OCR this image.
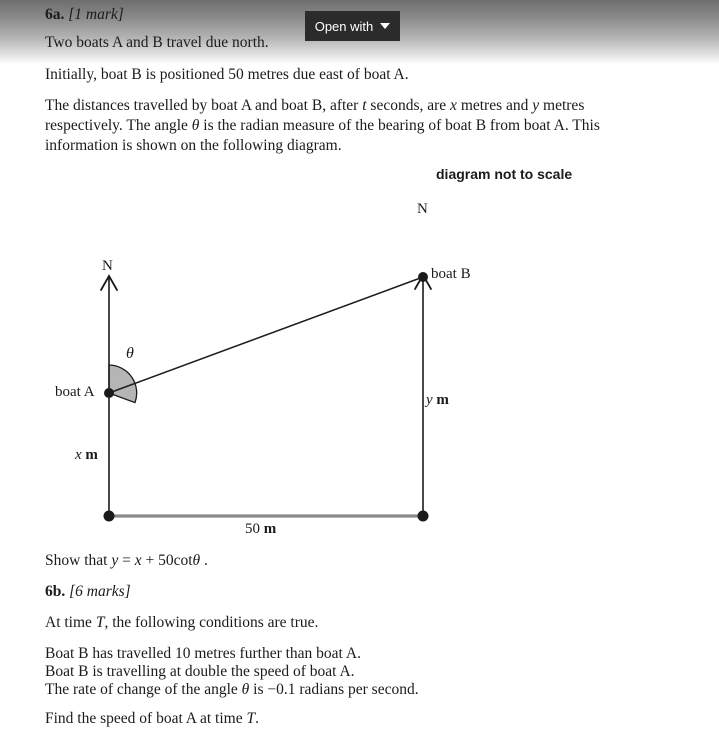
Open with
6a. [1 mark]
Two boats A and B travel due north.
Initially, boat B is positioned 50 metres due east of boat A.
The distances travelled by boat A and boat B, after t seconds, are x metres and y metres respectively. The angle θ is the radian measure of the bearing of boat B from boat A. This information is shown on the following diagram.
Show that y = x + 50cotθ .
6b. [6 marks]
At time T, the following conditions are true.
Boat B has travelled 10 metres further than boat A.
Boat B is travelling at double the speed of boat A.
The rate of change of the angle θ is −0.1 radians per second.
Find the speed of boat A at time T.
diagram not to scale
N
N
θ
boat A
boat B
x m
y m
50 m
